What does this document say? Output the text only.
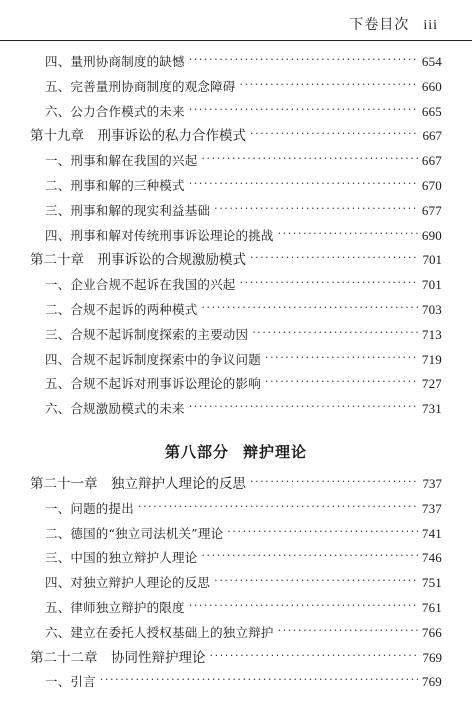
下卷目次 iii
四、量刑协商制度的缺憾 ·····	654
五、完善量刑协商制度的观念障碍 ·····	660
六、公力合作模式的未来 ·····	665
第十九章　刑事诉讼的私力合作模式 ·····	667
一、刑事和解在我国的兴起 ·····	667
二、刑事和解的三种模式 ·····	670
三、刑事和解的现实利益基础 ·····	677
四、刑事和解对传统刑事诉讼理论的挑战 ·····	690
第二十章　刑事诉讼的合规激励模式 ·····	701
一、企业合规不起诉在我国的兴起 ·····	701
二、合规不起诉的两种模式 ·····	703
三、合规不起诉制度探索的主要动因 ·····	713
四、合规不起诉制度探索中的争议问题 ·····	719
五、合规不起诉对刑事诉讼理论的影响 ·····	727
六、合规激励模式的未来 ·····	731
第二十一章　独立辩护人理论的反思 ·····	737
一、问题的提出 ·····	737
二、德国的“独立司法机关”理论 ·····	741
三、中国的独立辩护人理论 ·····	746
四、对独立辩护人理论的反思 ·····	751
五、律师独立辩护的限度 ·····	761
六、建立在委托人授权基础上的独立辩护 ·····	766
第二十二章　协同性辩护理论 ·····	769
一、引言 ·····	769
第八部分 辩护理论
